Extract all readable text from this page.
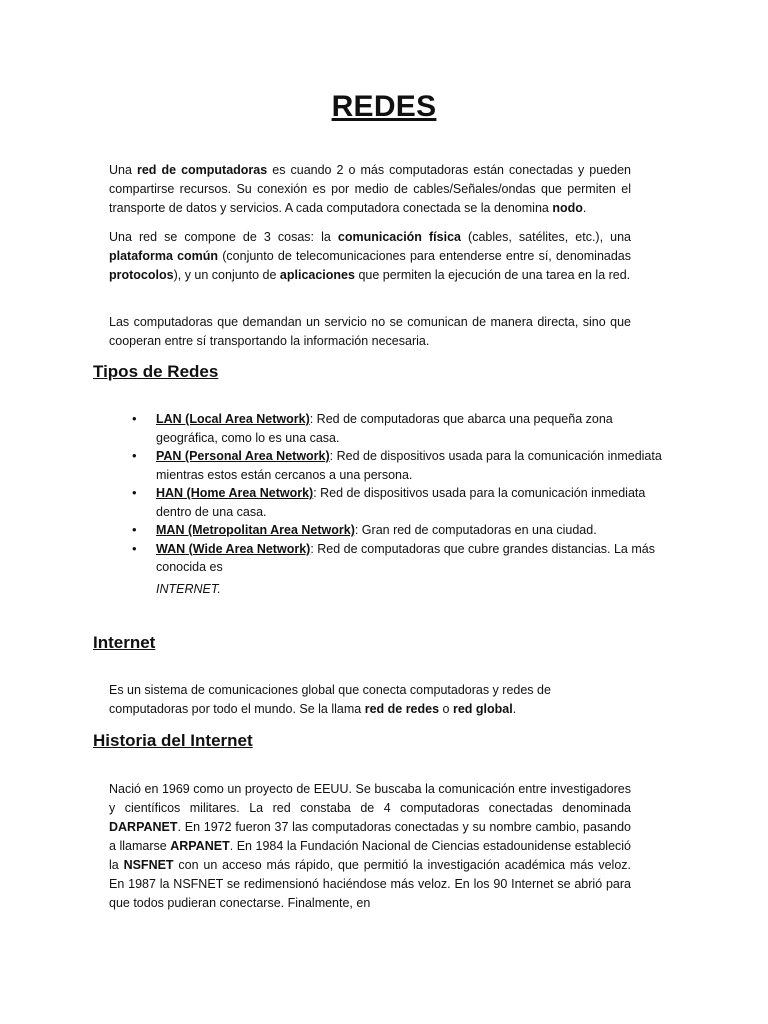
REDES

Una red de computadoras es cuando 2 o más computadoras están conectadas y pueden compartirse recursos. Su conexión es por medio de cables/Señales/ondas que permiten el transporte de datos y servicios. A cada computadora conectada se la denomina nodo.

Una red se compone de 3 cosas: la comunicación física (cables, satélites, etc.), una plataforma común (conjunto de telecomunicaciones para entenderse entre sí, denominadas protocolos), y un conjunto de aplicaciones que permiten la ejecución de una tarea en la red.

Las computadoras que demandan un servicio no se comunican de manera directa, sino que cooperan entre sí transportando la información necesaria.

Tipos de Redes
• LAN (Local Area Network): Red de computadoras que abarca una pequeña zona geográfica, como lo es una casa.
• PAN (Personal Area Network): Red de dispositivos usada para la comunicación inmediata mientras estos están cercanos a una persona.
• HAN (Home Area Network): Red de dispositivos usada para la comunicación inmediata dentro de una casa.
• MAN (Metropolitan Area Network): Gran red de computadoras en una ciudad.
• WAN (Wide Area Network): Red de computadoras que cubre grandes distancias. La más conocida es
INTERNET.
Internet

Es un sistema de comunicaciones global que conecta computadoras y redes de computadoras por todo el mundo. Se la llama red de redes o red global.

Historia del Internet

Nació en 1969 como un proyecto de EEUU. Se buscaba la comunicación entre investigadores y científicos militares. La red constaba de 4 computadoras conectadas denominada DARPANET. En 1972 fueron 37 las computadoras conectadas y su nombre cambio, pasando a llamarse ARPANET. En 1984 la Fundación Nacional de Ciencias estadounidense estableció la NSFNET con un acceso más rápido, que permitió la investigación académica más veloz. En 1987 la NSFNET se redimensionó haciéndose más veloz. En los 90 Internet se abrió para que todos pudieran conectarse. Finalmente, en
